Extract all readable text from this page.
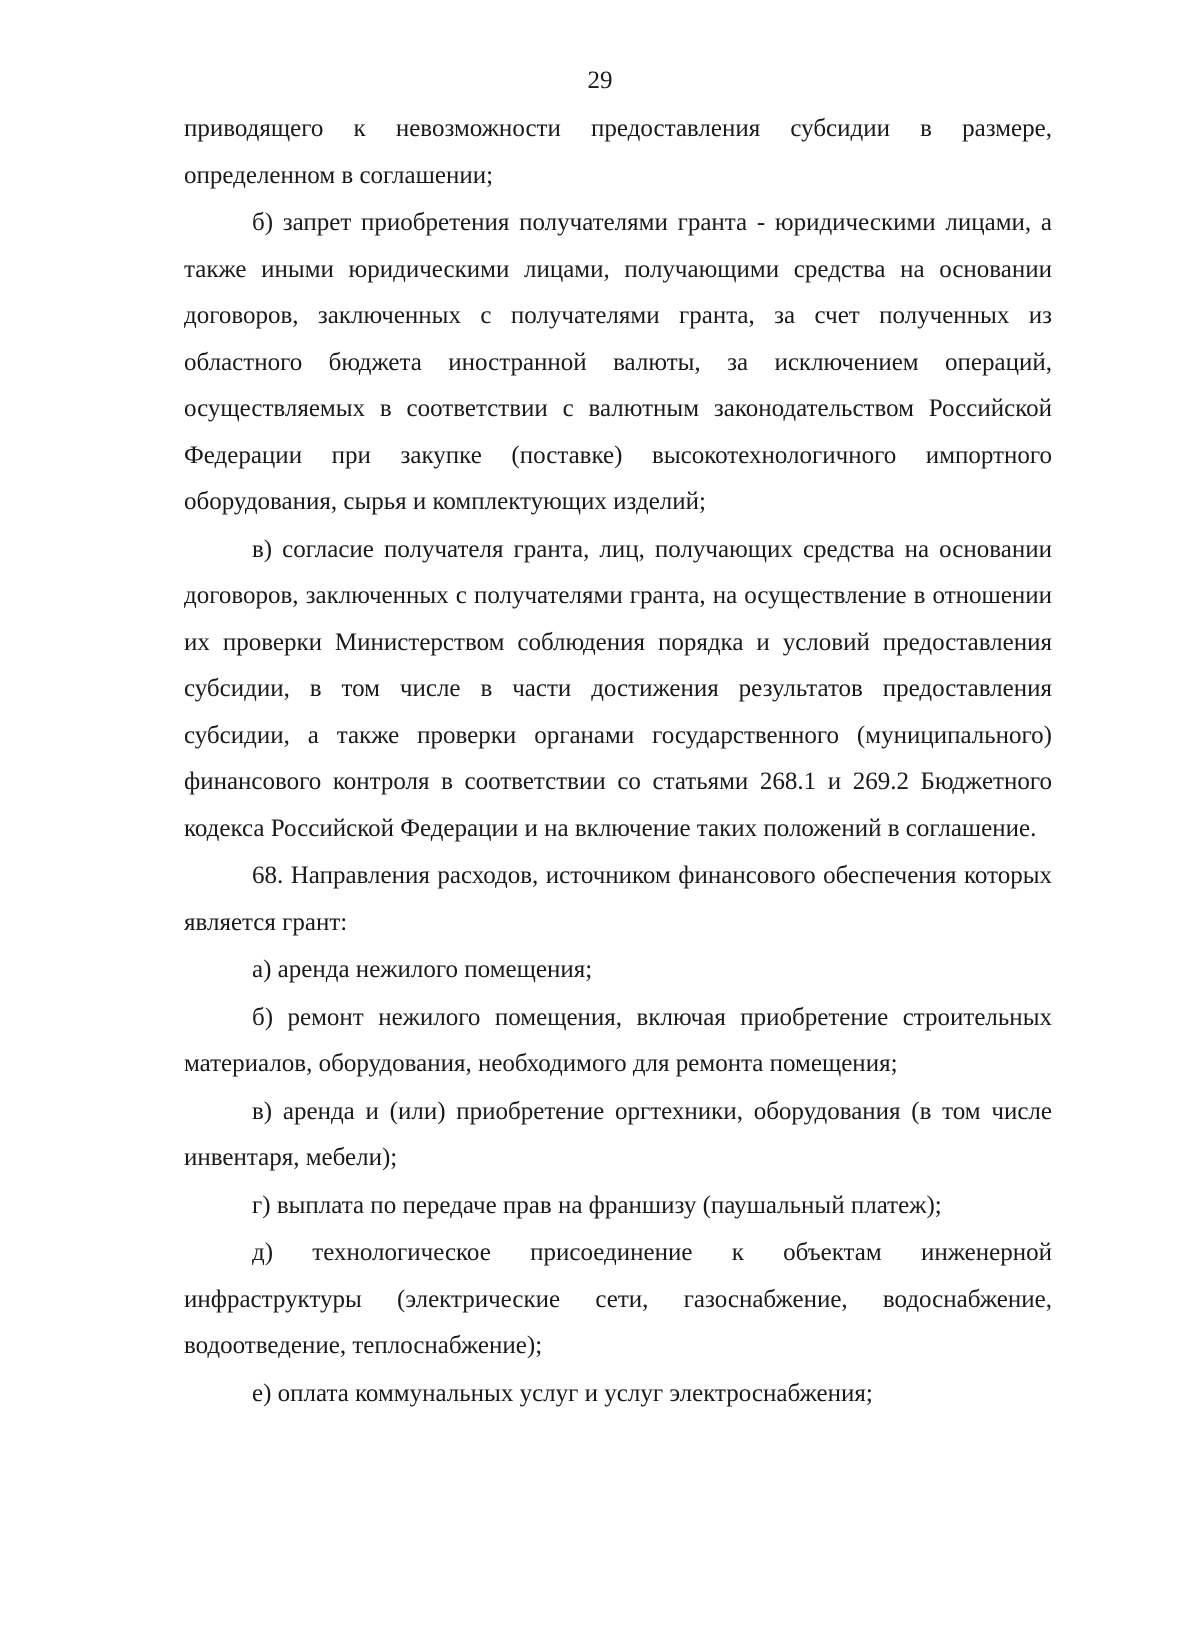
29

приводящего к невозможности предоставления субсидии в размере, определенном в соглашении;

б) запрет приобретения получателями гранта - юридическими лицами, а также иными юридическими лицами, получающими средства на основании договоров, заключенных с получателями гранта, за счет полученных из областного бюджета иностранной валюты, за исключением операций, осуществляемых в соответствии с валютным законодательством Российской Федерации при закупке (поставке) высокотехнологичного импортного оборудования, сырья и комплектующих изделий;

в) согласие получателя гранта, лиц, получающих средства на основании договоров, заключенных с получателями гранта, на осуществление в отношении их проверки Министерством соблюдения порядка и условий предоставления субсидии, в том числе в части достижения результатов предоставления субсидии, а также проверки органами государственного (муниципального) финансового контроля в соответствии со статьями 268.1 и 269.2 Бюджетного кодекса Российской Федерации и на включение таких положений в соглашение.

68. Направления расходов, источником финансового обеспечения которых является грант:

а) аренда нежилого помещения;

б) ремонт нежилого помещения, включая приобретение строительных материалов, оборудования, необходимого для ремонта помещения;

в) аренда и (или) приобретение оргтехники, оборудования (в том числе инвентаря, мебели);

г) выплата по передаче прав на франшизу (паушальный платеж);

д) технологическое присоединение к объектам инженерной инфраструктуры (электрические сети, газоснабжение, водоснабжение, водоотведение, теплоснабжение);

е) оплата коммунальных услуг и услуг электроснабжения;
